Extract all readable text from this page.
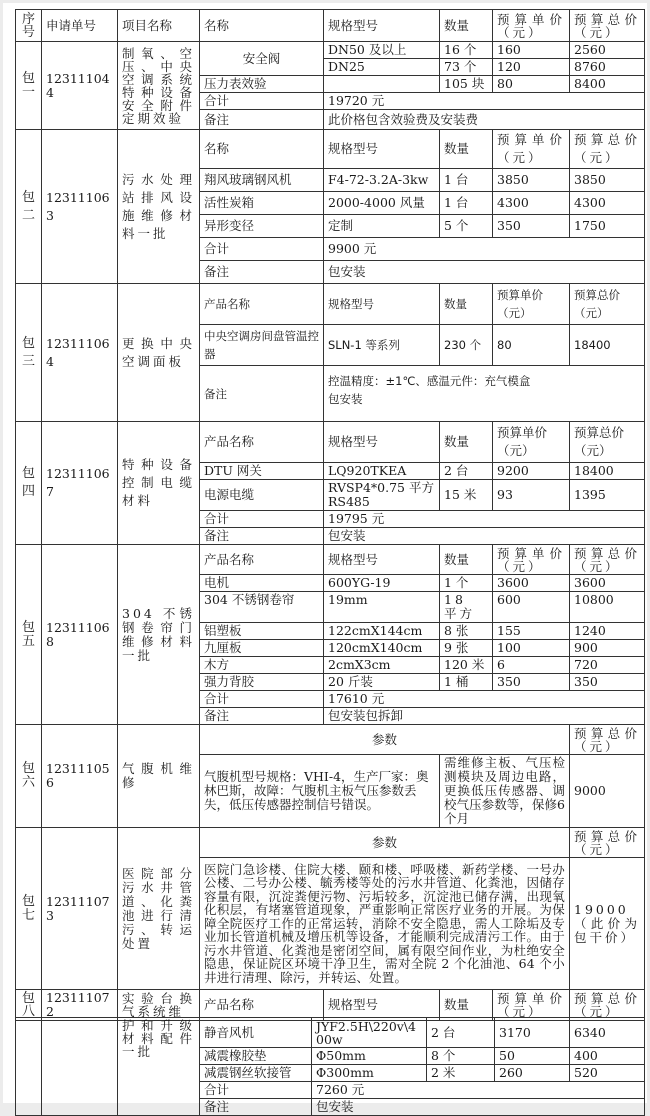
序号	申请单号	项目名称	名称	规格型号	数量	预算单价（元）	预算总价（元）
包一	123111044	制氧、空压、中央空调系统特种设备安全附件定期效验	安全阀	DN50 及以上	16 个	160	2560
				DN25	73 个	120	8760
			压力表效验		105 块	80	8400
			合计	19720 元			
			备注	此价格包含效验费及安装费			

包二	123111063	污水处理站排风设施维修材料一批	名称	规格型号	数量	预算单价（元）	预算总价（元）
			翔风玻璃钢风机	F4-72-3.2A-3kw	1 台	3850	3850
			活性炭箱	2000-4000 风量	1 台	4300	4300
			异形变径	定制	5 个	350	1750
			合计	9900 元			
			备注	包安装			
包三	123111064	更换中央空调面板	产品名称	规格型号	数量	预算单价（元）	预算总价（元）
			中央空调房间盘管温控器	SLN-1 等系列	230 个	80	18400
			备注	控温精度：±1℃、感温元件：充气模盒
包安装			

包四	123111067	特种设备控制电缆材料	产品名称	规格型号	数量	预算单价（元）	预算总价（元）
			DTU 网关	LQ920TKEA	2 台	9200	18400
			电源电缆	RVSP4*0.75 平方 RS485	15 米	93	1395
			合计	19795 元			
			备注	包安装			
包五	123111068	304 不锈钢卷帘门维修材料一批	产品名称	规格型号	数量	预算单价（元）	预算总价（元）
			电机	600YG-19	1 个	3600	3600
			304 不锈钢卷帘	19mm	18 平方	600	10800
			铝塑板	122cmX144cm	8 张	155	1240
			九厘板	120cmX140cm	9 张	100	900
			木方	2cmX3cm	120 米	6	720
			强力背胶	20 斤装	1 桶	350	350
			合计	17610 元			
			备注	包安装包拆卸			
包六	123111056	气腹机维修	参数				预算总价（元）
			气腹机型号规格：VHI-4，生产厂家：奥林巴斯，故障：气腹机主板气压参数丢失，低压传感器控制信号错误。		需维修主板、气压检测模块及周边电路，更换低压传感器、调校气压参数等，保修6个月		9000
包七	123111073	医院部分污水井管道、化粪池进行清污、转运处置	参数				预算总价（元）
			医院门急诊楼、住院大楼、颐和楼、呼吸楼、新药学楼、一号办公楼、二号办公楼、毓秀楼等处的污水井管道、化粪池，因储存容量有限，沉淀粪便污物、污垢较多，沉淀池已储存满，出现氧化积层，有堵塞管道现象，严重影响正常医疗业务的开展。为保障全院医疗工作的正常运转，消除不安全隐患，需人工除垢及专业加长管道机械及增压机等设备，才能顺利完成清污工作。由于污水井管道、化粪池是密闭空间，属有限空间作业，为杜绝安全隐患，保证院区环境干净卫生，需对全院 2 个化油池、64 个小井进行清理、除污，并转运、处置。				19000（此价为包干价）
包八	123111072	实验台换气系统维	产品名称	规格型号	数量	预算单价（元）	预算总价（元）
		护和升级材料配件一批	静音风机	JYF2.5H\220v\400w	2 台	3170	6340
			减震橡胶垫	Φ50mm	8 个	50	400
			减震钢丝软接管	Φ300mm	2 米	260	520
			合计	7260 元			
			备注	包安装			
